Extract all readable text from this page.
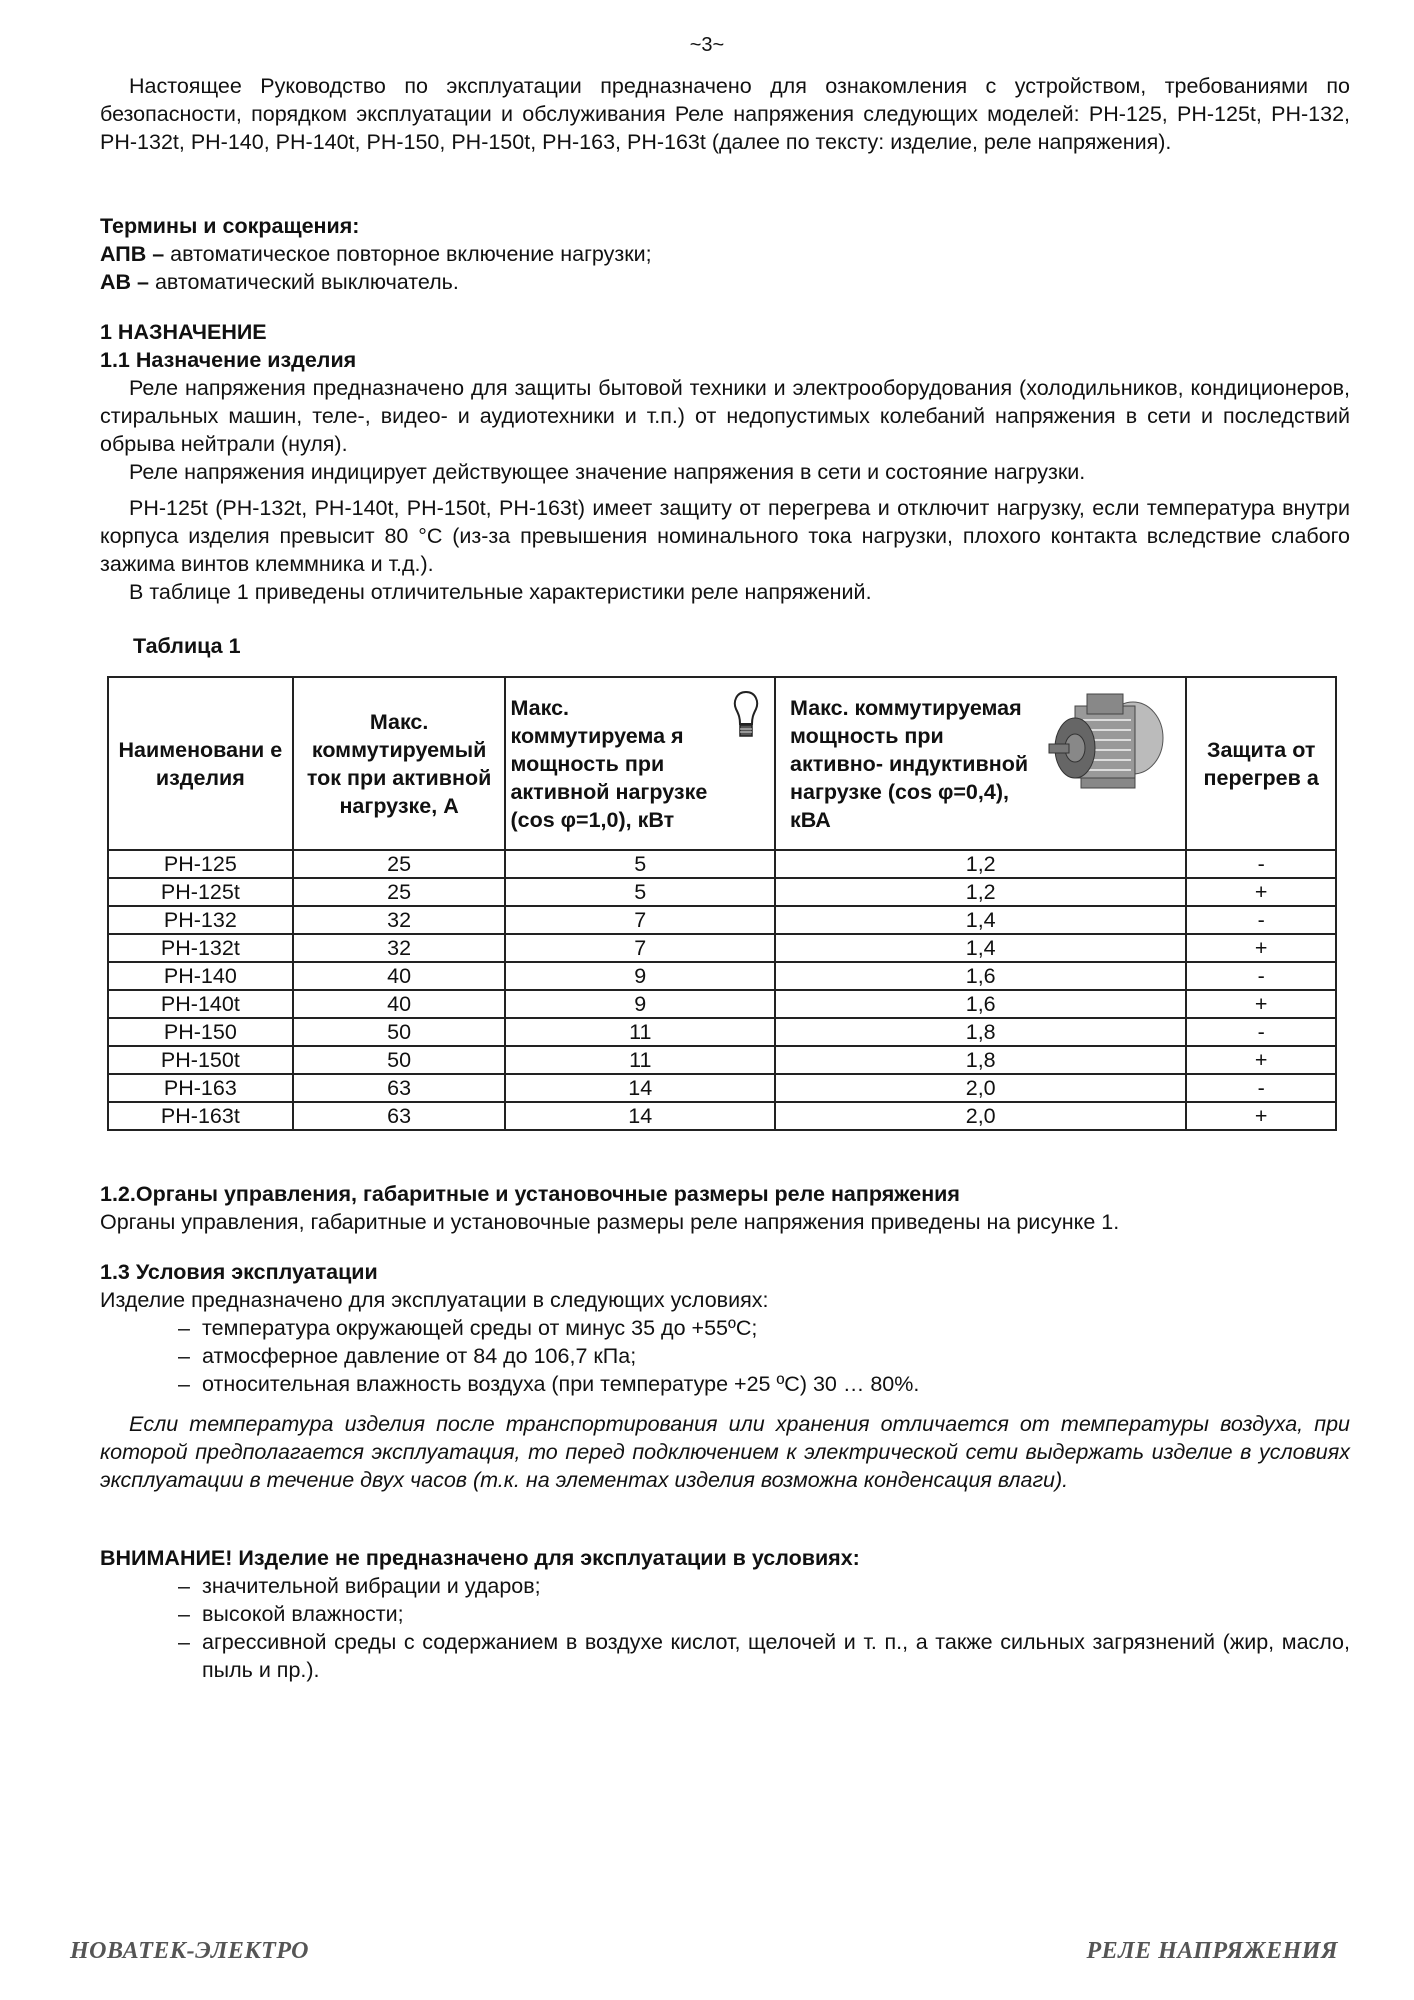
~3~
Настоящее Руководство по эксплуатации предназначено для ознакомления с устройством, требованиями по безопасности, порядком эксплуатации и обслуживания Реле напряжения следующих моделей: РН-125, РН-125t, РН-132, РН-132t, РН-140, РН-140t, РН-150, РН-150t, РН-163, РН-163t (далее по тексту: изделие, реле напряжения).

Термины и сокращения:

АПВ – автоматическое повторное включение нагрузки;

АВ – автоматический выключатель.

1 НАЗНАЧЕНИЕ

1.1 Назначение изделия

Реле напряжения предназначено для защиты бытовой техники и электрооборудования (холодильников, кондиционеров, стиральных машин, теле-, видео- и аудиотехники и т.п.) от недопустимых колебаний напряжения в сети и последствий обрыва нейтрали (нуля).

Реле напряжения индицирует действующее значение напряжения в сети и состояние нагрузки.

РН-125t (РН-132t, РН-140t, РН-150t, РН-163t) имеет защиту от перегрева и отключит нагрузку, если температура внутри корпуса изделия превысит 80 °С (из-за превышения номинального тока нагрузки, плохого контакта вследствие слабого зажима винтов клеммника и т.д.).

В таблице 1 приведены отличительные характеристики реле напряжений.

Таблица 1
Наименовани е изделия	Макс. коммутируемый ток при активной нагрузке, А	Макс. коммутируема я мощность при активной нагрузке (cos φ=1,0), кВт	Макс. коммутируемая мощность при активно- индуктивной нагрузке (cos φ=0,4), кВА	Защита от перегрев а
РН-125	25	5	1,2	-
РН-125t	25	5	1,2	+
РН-132	32	7	1,4	-
РН-132t	32	7	1,4	+
РН-140	40	9	1,6	-
РН-140t	40	9	1,6	+
РН-150	50	11	1,8	-
РН-150t	50	11	1,8	+
РН-163	63	14	2,0	-
РН-163t	63	14	2,0	+

1.2.Органы управления, габаритные и установочные размеры реле напряжения

Органы управления, габаритные и установочные размеры реле напряжения приведены на рисунке 1.

1.3 Условия эксплуатации

Изделие предназначено для эксплуатации в следующих условиях:

– температура окружающей среды от минус 35 до +55ºС;
– атмосферное давление от 84 до 106,7 кПа;
– относительная влажность воздуха (при температуре +25 ºС) 30 … 80%.

Если температура изделия после транспортирования или хранения отличается от температуры воздуха, при которой предполагается эксплуатация, то перед подключением к электрической сети выдержать изделие в условиях эксплуатации в течение двух часов (т.к. на элементах изделия возможна конденсация влаги).

ВНИМАНИЕ! Изделие не предназначено для эксплуатации в условиях:

– значительной вибрации и ударов;
– высокой влажности;
– агрессивной среды с содержанием в воздухе кислот, щелочей и т. п., а также сильных загрязнений (жир, масло, пыль и пр.).
НОВАТЕК-ЭЛЕКТРО	РЕЛЕ НАПРЯЖЕНИЯ
